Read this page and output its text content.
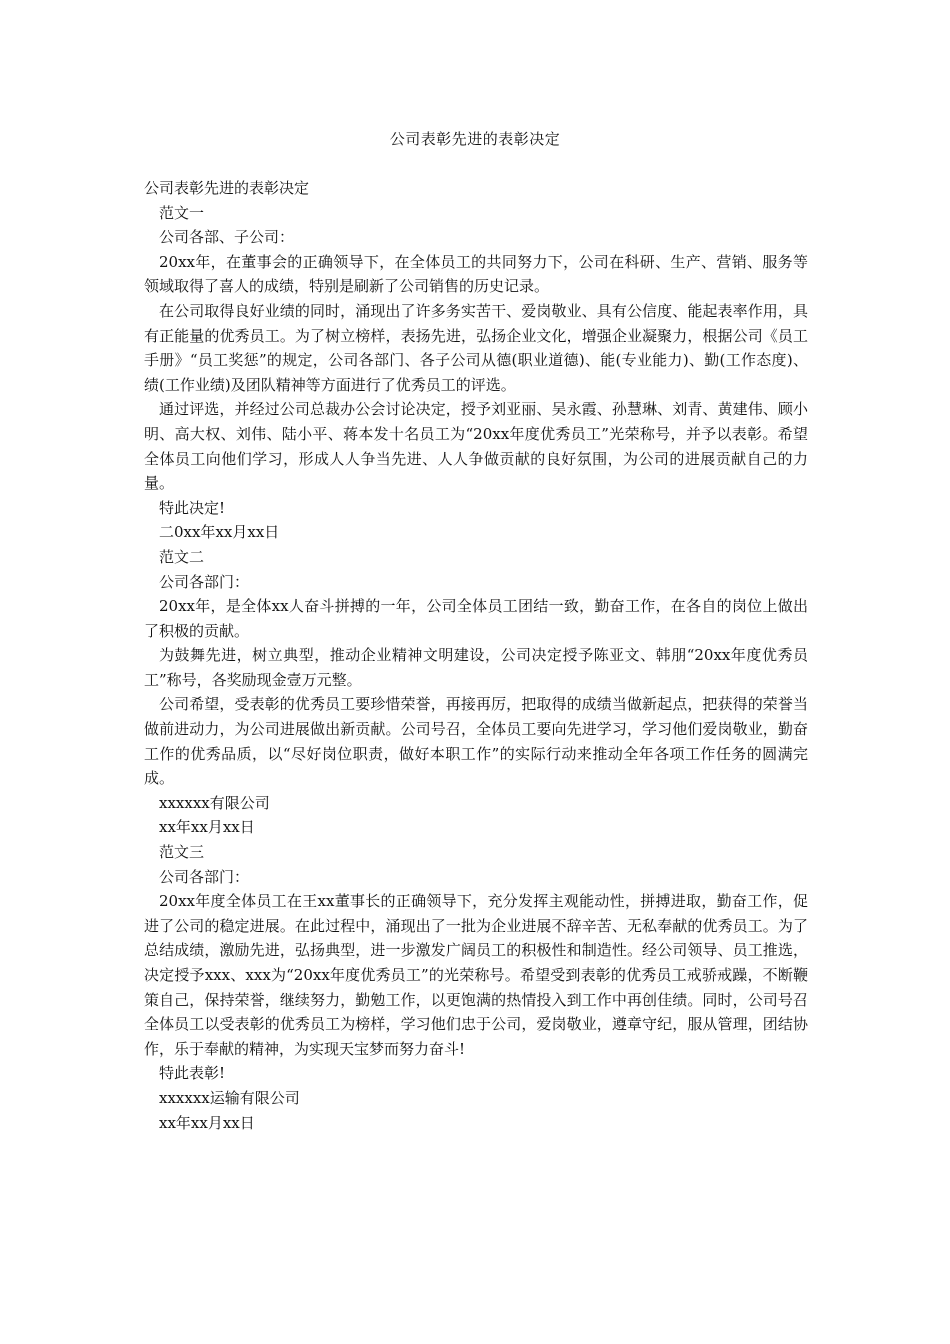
公司表彰先进的表彰决定

公司表彰先进的表彰决定

范文一

公司各部、子公司：

20xx年，在董事会的正确领导下，在全体员工的共同努力下，公司在科研、生产、营销、服务等领域取得了喜人的成绩，特别是刷新了公司销售的历史记录。

在公司取得良好业绩的同时，涌现出了许多务实苦干、爱岗敬业、具有公信度、能起表率作用，具有正能量的优秀员工。为了树立榜样，表扬先进，弘扬企业文化，增强企业凝聚力，根据公司《员工手册》“员工奖惩”的规定，公司各部门、各子公司从德(职业道德)、能(专业能力)、勤(工作态度)、绩(工作业绩)及团队精神等方面进行了优秀员工的评选。

通过评选，并经过公司总裁办公会讨论决定，授予刘亚丽、吴永霞、孙慧琳、刘青、黄建伟、顾小明、高大权、刘伟、陆小平、蒋本发十名员工为“20xx年度优秀员工”光荣称号，并予以表彰。希望全体员工向他们学习，形成人人争当先进、人人争做贡献的良好氛围，为公司的进展贡献自己的力量。

特此决定!

二0xx年xx月xx日

范文二

公司各部门：

20xx年，是全体xx人奋斗拼搏的一年，公司全体员工团结一致，勤奋工作，在各自的岗位上做出了积极的贡献。

为鼓舞先进，树立典型，推动企业精神文明建设，公司决定授予陈亚文、韩朋“20xx年度优秀员工”称号，各奖励现金壹万元整。

公司希望，受表彰的优秀员工要珍惜荣誉，再接再厉，把取得的成绩当做新起点，把获得的荣誉当做前进动力，为公司进展做出新贡献。公司号召，全体员工要向先进学习，学习他们爱岗敬业，勤奋工作的优秀品质，以“尽好岗位职责，做好本职工作”的实际行动来推动全年各项工作任务的圆满完成。

xxxxxx有限公司

xx年xx月xx日

范文三

公司各部门：

20xx年度全体员工在王xx董事长的正确领导下，充分发挥主观能动性，拼搏进取，勤奋工作，促进了公司的稳定进展。在此过程中，涌现出了一批为企业进展不辞辛苦、无私奉献的优秀员工。为了总结成绩，激励先进，弘扬典型，进一步激发广阔员工的积极性和制造性。经公司领导、员工推选，决定授予xxx、xxx为“20xx年度优秀员工”的光荣称号。希望受到表彰的优秀员工戒骄戒躁，不断鞭策自己，保持荣誉，继续努力，勤勉工作，以更饱满的热情投入到工作中再创佳绩。同时，公司号召全体员工以受表彰的优秀员工为榜样，学习他们忠于公司，爱岗敬业，遵章守纪，服从管理，团结协作，乐于奉献的精神，为实现天宝梦而努力奋斗!

特此表彰!

xxxxxx运输有限公司

xx年xx月xx日
